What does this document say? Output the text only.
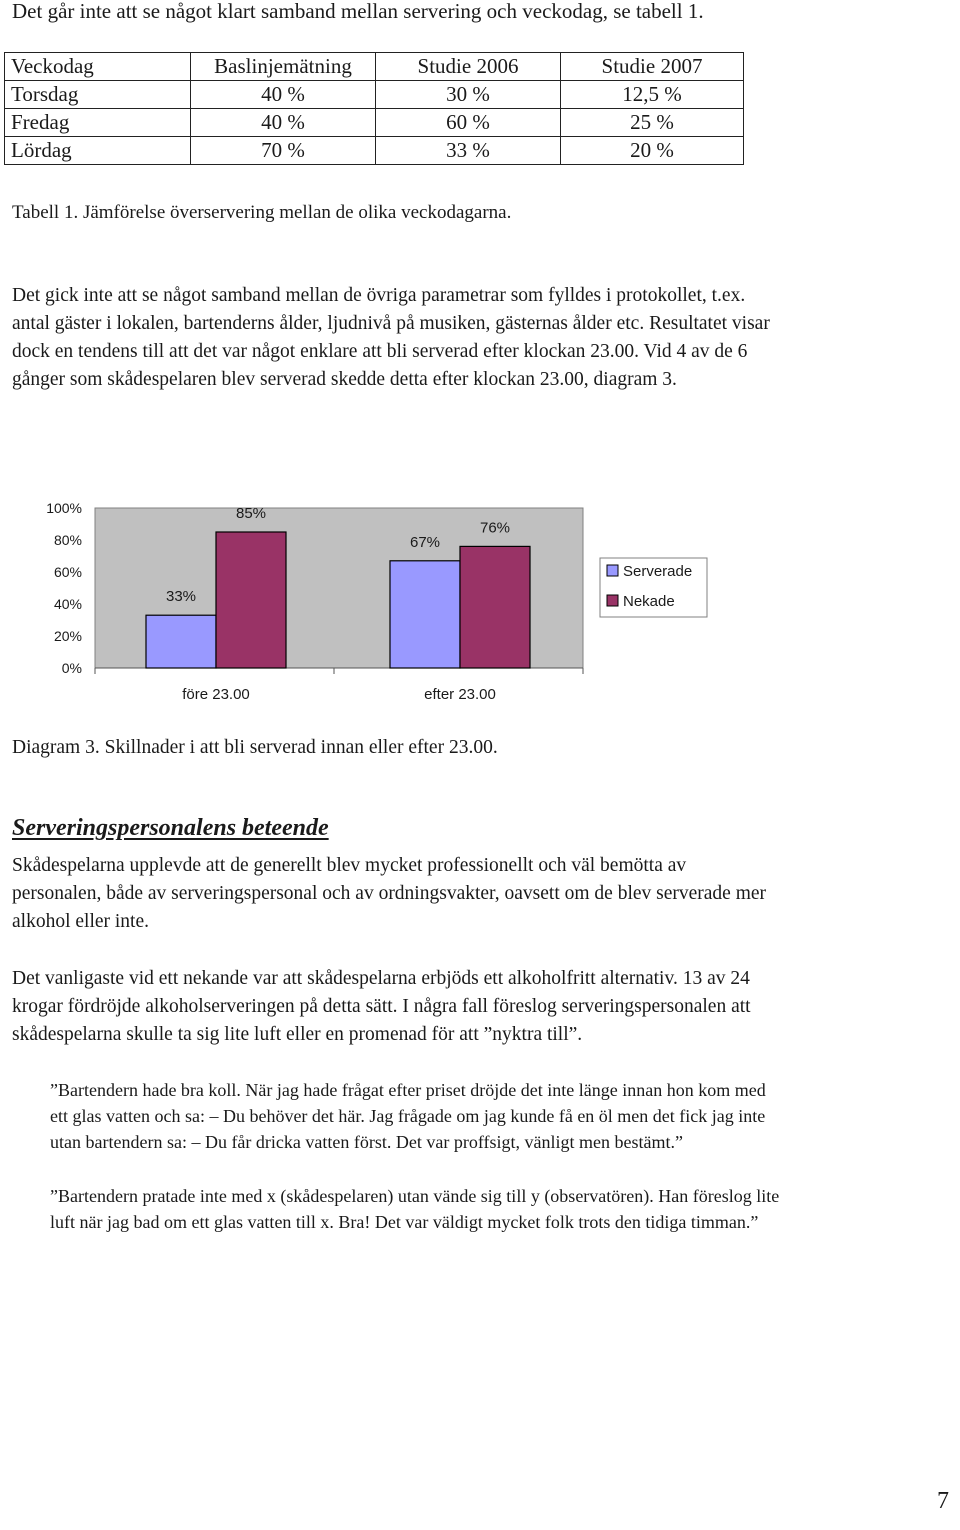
Det går inte att se något klart samband mellan servering och veckodag, se tabell 1.
Veckodag	Baslinjemätning	Studie 2006	Studie 2007
Torsdag	40 %	30 %	12,5 %
Fredag	40 %	60 %	25 %
Lördag	70 %	33 %	20 %
Tabell 1. Jämförelse överservering mellan de olika veckodagarna.
Det gick inte att se något samband mellan de övriga parametrar som fylldes i protokollet, t.ex.
antal gäster i lokalen, bartenderns ålder, ljudnivå på musiken, gästernas ålder etc. Resultatet visar
dock en tendens till att det var något enklare att bli serverad efter klockan 23.00. Vid 4 av de 6
gånger som skådespelaren blev serverad skedde detta efter klockan 23.00, diagram 3.
0%
20%
40%
60%
80%
100%
33%
85%
före 23.00
67%
76%
efter 23.00
Serverade
Nekade
Diagram 3. Skillnader i att bli serverad innan eller efter 23.00.
Serveringspersonalens beteende
Skådespelarna upplevde att de generellt blev mycket professionellt och väl bemötta av
personalen, både av serveringspersonal och av ordningsvakter, oavsett om de blev serverade mer
alkohol eller inte.
Det vanligaste vid ett nekande var att skådespelarna erbjöds ett alkoholfritt alternativ. 13 av 24
krogar fördröjde alkoholserveringen på detta sätt. I några fall föreslog serveringspersonalen att
skådespelarna skulle ta sig lite luft eller en promenad för att ”nyktra till”.
”Bartendern hade bra koll. När jag hade frågat efter priset dröjde det inte länge innan hon kom med
ett glas vatten och sa: – Du behöver det här. Jag frågade om jag kunde få en öl men det fick jag inte
utan bartendern sa: – Du får dricka vatten först. Det var proffsigt, vänligt men bestämt.”
”Bartendern pratade inte med x (skådespelaren) utan vände sig till y (observatören). Han föreslog lite
luft när jag bad om ett glas vatten till x. Bra! Det var väldigt mycket folk trots den tidiga timman.”
7
